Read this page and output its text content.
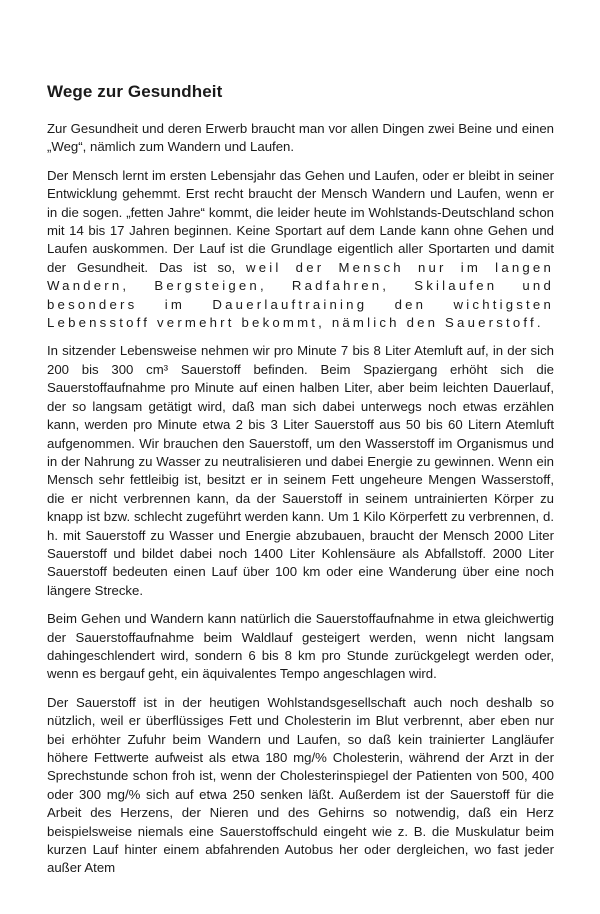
Wege zur Gesundheit

Zur Gesundheit und deren Erwerb braucht man vor allen Dingen zwei Beine und einen „Weg“, nämlich zum Wandern und Laufen.

Der Mensch lernt im ersten Lebensjahr das Gehen und Laufen, oder er bleibt in seiner Entwicklung gehemmt. Erst recht braucht der Mensch Wandern und Laufen, wenn er in die sogen. „fetten Jahre“ kommt, die leider heute im Wohlstands-Deutschland schon mit 14 bis 17 Jahren beginnen. Keine Sportart auf dem Lande kann ohne Gehen und Laufen auskommen. Der Lauf ist die Grundlage eigentlich aller Sportarten und damit der Gesundheit. Das ist so, weil der Mensch nur im langen Wandern, Bergsteigen, Radfahren, Skilaufen und besonders im Dauerlauftraining den wichtigsten Lebensstoff vermehrt bekommt, nämlich den Sauerstoff.

In sitzender Lebensweise nehmen wir pro Minute 7 bis 8 Liter Atemluft auf, in der sich 200 bis 300 cm³ Sauerstoff befinden. Beim Spaziergang erhöht sich die Sauerstoffaufnahme pro Minute auf einen halben Liter, aber beim leichten Dauerlauf, der so langsam getätigt wird, daß man sich dabei unterwegs noch etwas erzählen kann, werden pro Minute etwa 2 bis 3 Liter Sauerstoff aus 50 bis 60 Litern Atemluft aufgenommen. Wir brauchen den Sauerstoff, um den Wasserstoff im Organismus und in der Nahrung zu Wasser zu neutralisieren und dabei Energie zu gewinnen. Wenn ein Mensch sehr fettleibig ist, besitzt er in seinem Fett ungeheure Mengen Wasserstoff, die er nicht verbrennen kann, da der Sauerstoff in seinem untrainierten Körper zu knapp ist bzw. schlecht zugeführt werden kann. Um 1 Kilo Körperfett zu verbrennen, d. h. mit Sauerstoff zu Wasser und Energie abzubauen, braucht der Mensch 2000 Liter Sauerstoff und bildet dabei noch 1400 Liter Kohlensäure als Abfallstoff. 2000 Liter Sauerstoff bedeuten einen Lauf über 100 km oder eine Wanderung über eine noch längere Strecke.

Beim Gehen und Wandern kann natürlich die Sauerstoffaufnahme in etwa gleichwertig der Sauerstoffaufnahme beim Waldlauf gesteigert werden, wenn nicht langsam dahingeschlendert wird, sondern 6 bis 8 km pro Stunde zurückgelegt werden oder, wenn es bergauf geht, ein äquivalentes Tempo angeschlagen wird.

Der Sauerstoff ist in der heutigen Wohlstandsgesellschaft auch noch deshalb so nützlich, weil er überflüssiges Fett und Cholesterin im Blut verbrennt, aber eben nur bei erhöhter Zufuhr beim Wandern und Laufen, so daß kein trainierter Langläufer höhere Fettwerte aufweist als etwa 180 mg/% Cholesterin, während der Arzt in der Sprechstunde schon froh ist, wenn der Cholesterinspiegel der Patienten von 500, 400 oder 300 mg/% sich auf etwa 250 senken läßt. Außerdem ist der Sauerstoff für die Arbeit des Herzens, der Nieren und des Gehirns so notwendig, daß ein Herz beispielsweise niemals eine Sauerstoffschuld eingeht wie z. B. die Muskulatur beim kurzen Lauf hinter einem abfahrenden Autobus her oder dergleichen, wo fast jeder außer Atem
